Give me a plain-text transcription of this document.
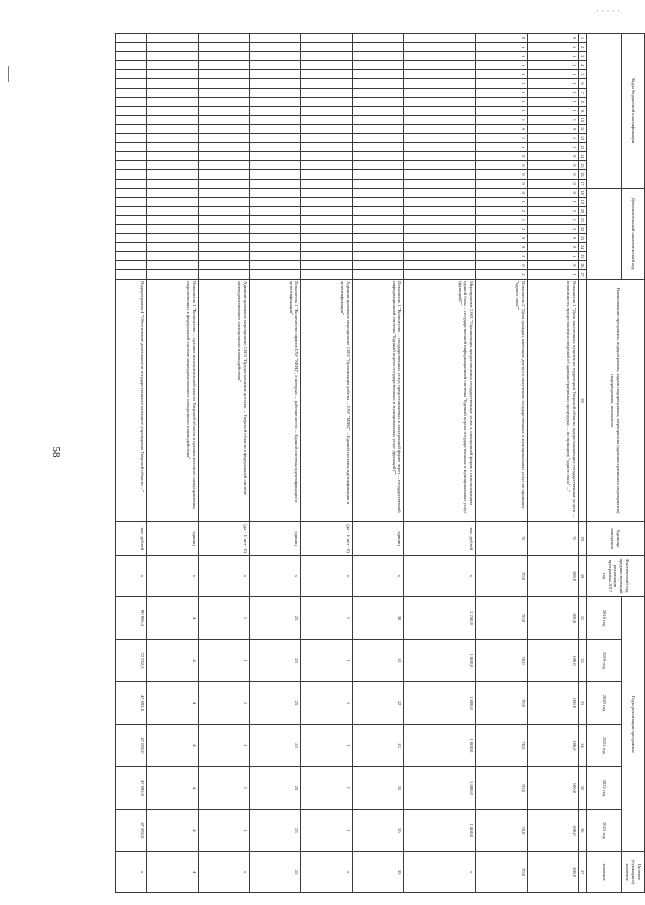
· · · · ·
58
Коды бюджетной классификации																	Дополнительный аналитический код										Наименование программы, подпрограммы, задачи подпрограммы, мероприятия (административного мероприятия) подпрограммы, показателя	Единица измерения	Фактический год, предшествующий реализации программы 2017 год	Годы реализации программы						Целевое (суммарное) значение
																														2018 год	2019 год	2020 год	2021 год	2022 год	2023 год	значение
1	2	3	4	5	6	7	8	9	10	11	12	13	14	15	16	17	18	19	20	21	22	23	24	25	26	27	28	29	30	31	32	33	34	35	36	37
0	1	1	1	1	1	1	1	1	1	0	1	1	0	0	0	0	0	1	2	1	2	0	0	1	0	1	Показатель 1 "Доля населенных пунктов на территории Тверской области, предоставляющих государственные услуги ... возможность предоставления сведений об административных процедурах ... по принципу "одного окна" ..."	%	100,0	100,0	100,0	100,0	100,0	100,0	100,0	100,0
0	1	1	1	1	1	1	1	1	1	0	1	1	0	0	0	0	0	1	2	1	2	0	0	2	0	2	Показатель 2 "Доля граждан, имеющих доступ к получению государственных и муниципальных услуг по принципу "одного окна""	%	70,0	70,0	70,0	70,0	70,0	70,0	70,0	70,0
																											Мероприятие 2.001 "Организация предоставления государственных услуг в электронной форме с использованием единой базы ... государственной информационной системы "Единый портал государственных и муниципальных услуг (функций)""	тыс. рублей	х	2 250,0	1 800,0	1 800,0	1 800,0	1 800,0	1 800,0	х
																											Показатель 1 "Количество ... государственных услуг, предоставляемых в электронной форме через ... государственной информационной системы "Единый портал государственных и муниципальных услуг (функций)""	единиц	х	30	31	32	32	33	35	35
																											Административное мероприятие 2.002 "Организация работы ... ГАУ "МФЦ" ... Единой системы идентификации и аутентификации"	(да - 1/ нет - 0)	х	1	1	1	1	1	1	х
																											Показатель 1 "Количество офисов ГАУ "МФЦ", в которых ... рабочие места ... Единой системы идентификации и аутентификации"	единиц	х	25	25	25	25	25	25	25
																											Административное мероприятие 2.003 "Предоставление доступа ... Тверской области к федеральной системе межведомственного электронного взаимодействия"	(да - 1/ нет - 0)	х	1	1	1	1	1	1	х
																											Показатель 1 "Количество ... органов исполнительной власти Тверской области и органов местного самоуправления, подключенных к федеральной системе межведомственного электронного взаимодействия"	единиц	х	4	4	4	4	4	4	4
																											Подпрограмма 4 "Обеспечение деятельности государственного казенного учреждения Тверской области ..."	тыс. рублей	х	90 956,3	72 762,5	47 692,0	47 692,0	47 692,0	47 692,0	х
